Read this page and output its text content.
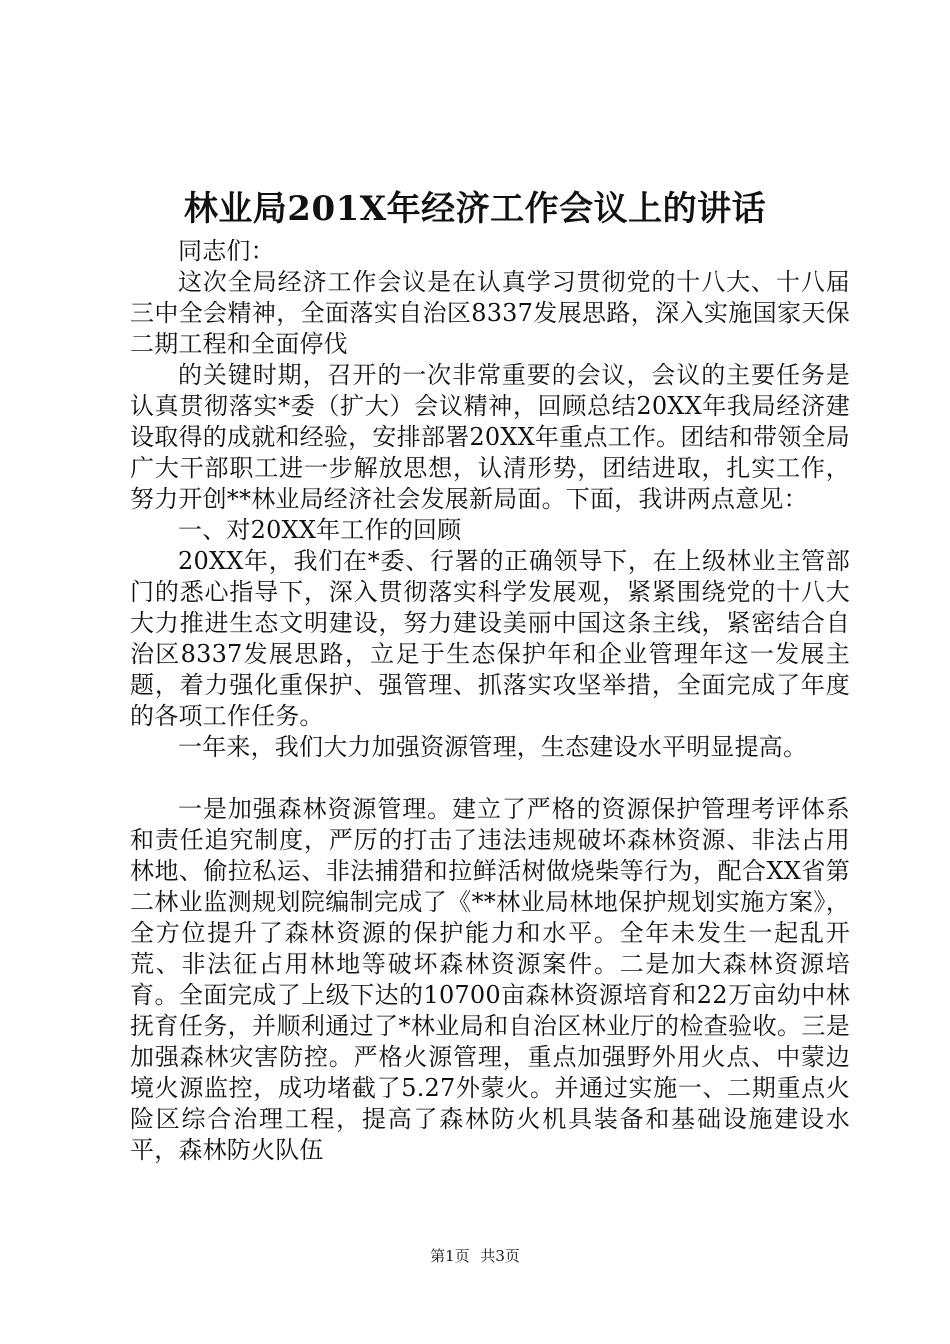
林业局201X年经济工作会议上的讲话

同志们：

这次全局经济工作会议是在认真学习贯彻党的十八大、十八届三中全会精神，全面落实自治区8337发展思路，深入实施国家天保二期工程和全面停伐

的关键时期，召开的一次非常重要的会议，会议的主要任务是认真贯彻落实*委（扩大）会议精神，回顾总结20XX年我局经济建设取得的成就和经验，安排部署20XX年重点工作。团结和带领全局广大干部职工进一步解放思想，认清形势，团结进取，扎实工作，努力开创**林业局经济社会发展新局面。下面，我讲两点意见：

一、对20XX年工作的回顾

20XX年，我们在*委、行署的正确领导下，在上级林业主管部门的悉心指导下，深入贯彻落实科学发展观，紧紧围绕党的十八大大力推进生态文明建设，努力建设美丽中国这条主线，紧密结合自治区8337发展思路，立足于生态保护年和企业管理年这一发展主题，着力强化重保护、强管理、抓落实攻坚举措，全面完成了年度的各项工作任务。

一年来，我们大力加强资源管理，生态建设水平明显提高。

一是加强森林资源管理。建立了严格的资源保护管理考评体系和责任追究制度，严厉的打击了违法违规破坏森林资源、非法占用林地、偷拉私运、非法捕猎和拉鲜活树做烧柴等行为，配合XX省第二林业监测规划院编制完成了《**林业局林地保护规划实施方案》，全方位提升了森林资源的保护能力和水平。全年未发生一起乱开荒、非法征占用林地等破坏森林资源案件。二是加大森林资源培育。全面完成了上级下达的10700亩森林资源培育和22万亩幼中林抚育任务，并顺利通过了*林业局和自治区林业厅的检查验收。三是加强森林灾害防控。严格火源管理，重点加强野外用火点、中蒙边境火源监控，成功堵截了5.27外蒙火。并通过实施一、二期重点火险区综合治理工程，提高了森林防火机具装备和基础设施建设水平，森林防火队伍

第1页 共3页
